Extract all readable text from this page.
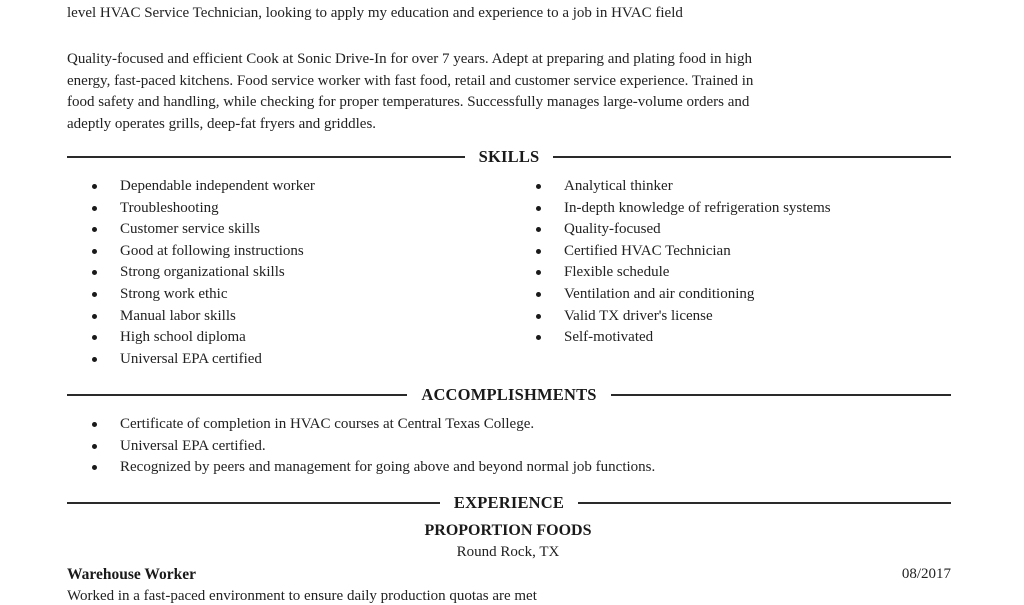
level HVAC Service Technician, looking to apply my education and experience to a job in HVAC field

Quality-focused and efficient Cook at Sonic Drive-In for over 7 years. Adept at preparing and plating food in high
energy, fast-paced kitchens. Food service worker with fast food, retail and customer service experience. Trained in
food safety and handling, while checking for proper temperatures. Successfully manages large-volume orders and
adeptly operates grills, deep-fat fryers and griddles.

SKILLS
Dependable independent worker
Troubleshooting
Customer service skills
Good at following instructions
Strong organizational skills
Strong work ethic
Manual labor skills
High school diploma
Universal EPA certified
Analytical thinker
In-depth knowledge of refrigeration systems
Quality-focused
Certified HVAC Technician
Flexible schedule
Ventilation and air conditioning
Valid TX driver's license
Self-motivated
ACCOMPLISHMENTS
Certificate of completion in HVAC courses at Central Texas College.
Universal EPA certified.
Recognized by peers and management for going above and beyond normal job functions.
EXPERIENCE
PROPORTION FOODS
Round Rock, TX
Warehouse Worker	08/2017
Worked in a fast-paced environment to ensure daily production quotas are met
